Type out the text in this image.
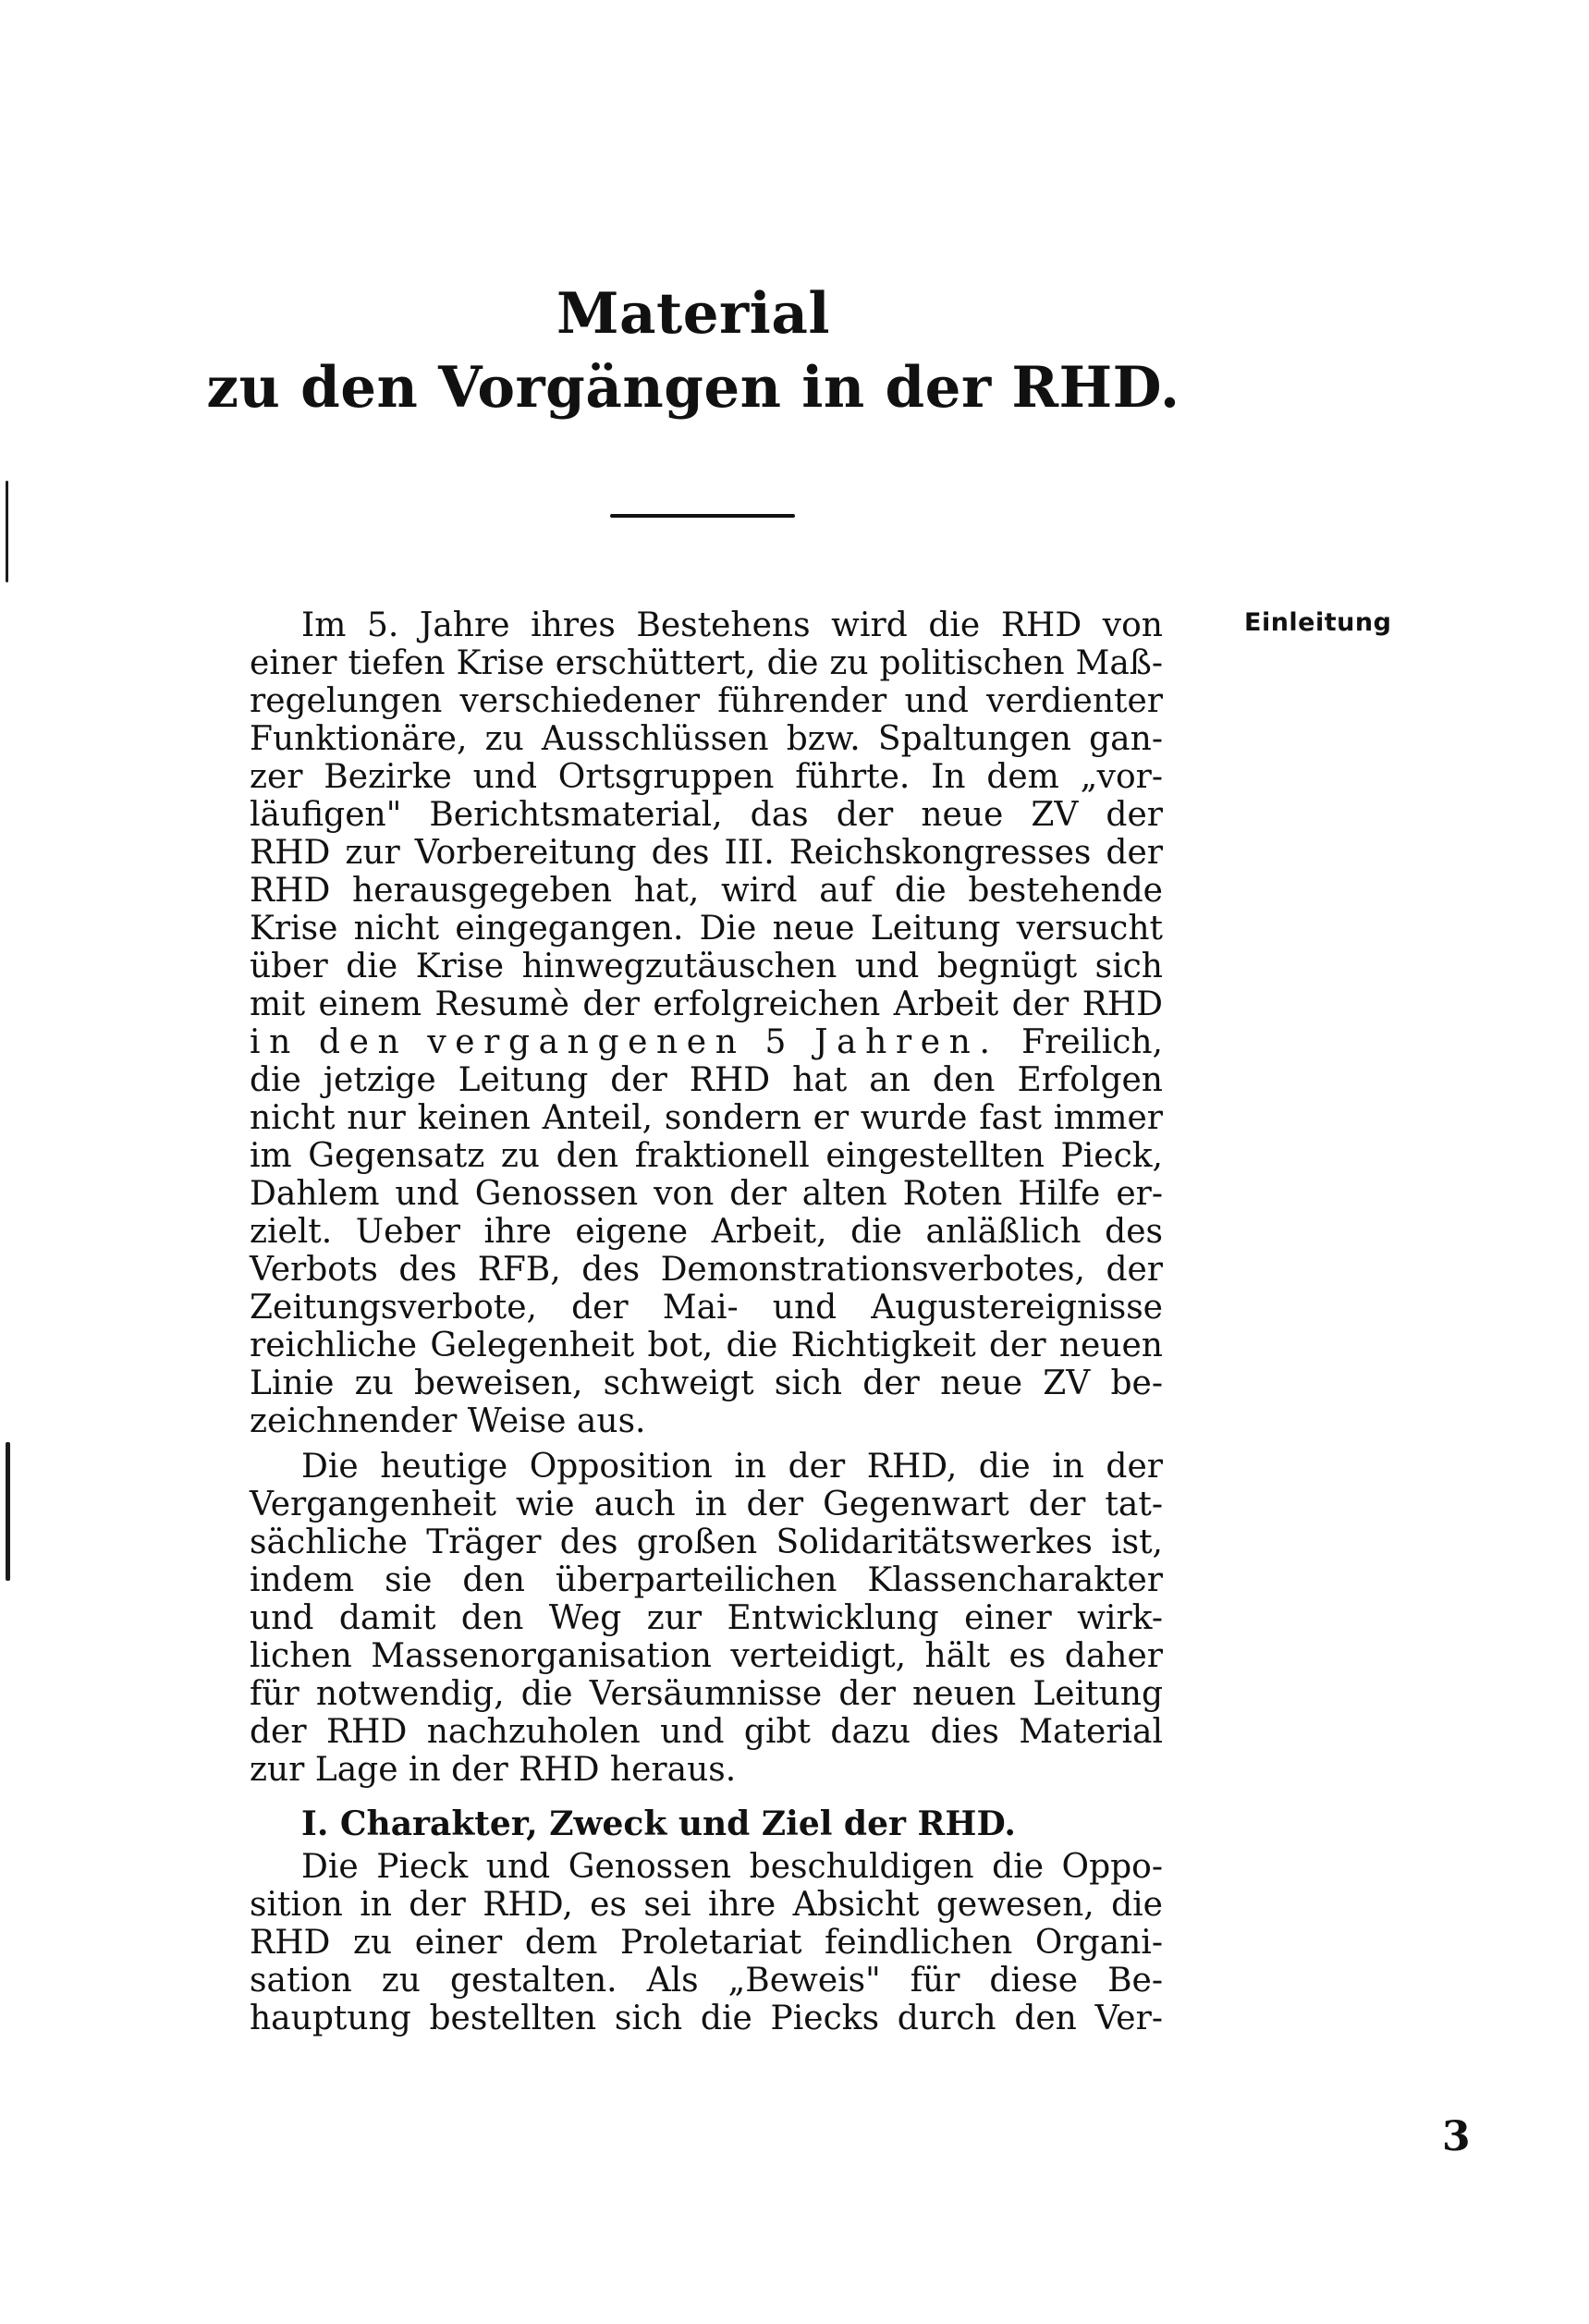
Material
zu den Vorgängen in der RHD.
Einleitung
Im 5. Jahre ihres Bestehens wird die RHD von
einer tiefen Krise erschüttert, die zu politischen Maß-
regelungen verschiedener führender und verdienter
Funktionäre, zu Ausschlüssen bzw. Spaltungen gan-
zer Bezirke und Ortsgruppen führte. In dem „vor-
läufigen" Berichtsmaterial, das der neue ZV der
RHD zur Vorbereitung des III. Reichskongresses der
RHD herausgegeben hat, wird auf die bestehende
Krise nicht eingegangen. Die neue Leitung versucht
über die Krise hinwegzutäuschen und begnügt sich
mit einem Resumè der erfolgreichen Arbeit der RHD
in den vergangenen 5 Jahren. Freilich,
die jetzige Leitung der RHD hat an den Erfolgen
nicht nur keinen Anteil, sondern er wurde fast immer
im Gegensatz zu den fraktionell eingestellten Pieck,
Dahlem und Genossen von der alten Roten Hilfe er-
zielt. Ueber ihre eigene Arbeit, die anläßlich des
Verbots des RFB, des Demonstrationsverbotes, der
Zeitungsverbote, der Mai- und Augustereignisse
reichliche Gelegenheit bot, die Richtigkeit der neuen
Linie zu beweisen, schweigt sich der neue ZV be-
zeichnender Weise aus.
Die heutige Opposition in der RHD, die in der
Vergangenheit wie auch in der Gegenwart der tat-
sächliche Träger des großen Solidaritätswerkes ist,
indem sie den überparteilichen Klassencharakter
und damit den Weg zur Entwicklung einer wirk-
lichen Massenorganisation verteidigt, hält es daher
für notwendig, die Versäumnisse der neuen Leitung
der RHD nachzuholen und gibt dazu dies Material
zur Lage in der RHD heraus.
I. Charakter, Zweck und Ziel der RHD.
Die Pieck und Genossen beschuldigen die Oppo-
sition in der RHD, es sei ihre Absicht gewesen, die
RHD zu einer dem Proletariat feindlichen Organi-
sation zu gestalten. Als „Beweis" für diese Be-
hauptung bestellten sich die Piecks durch den Ver-
3
